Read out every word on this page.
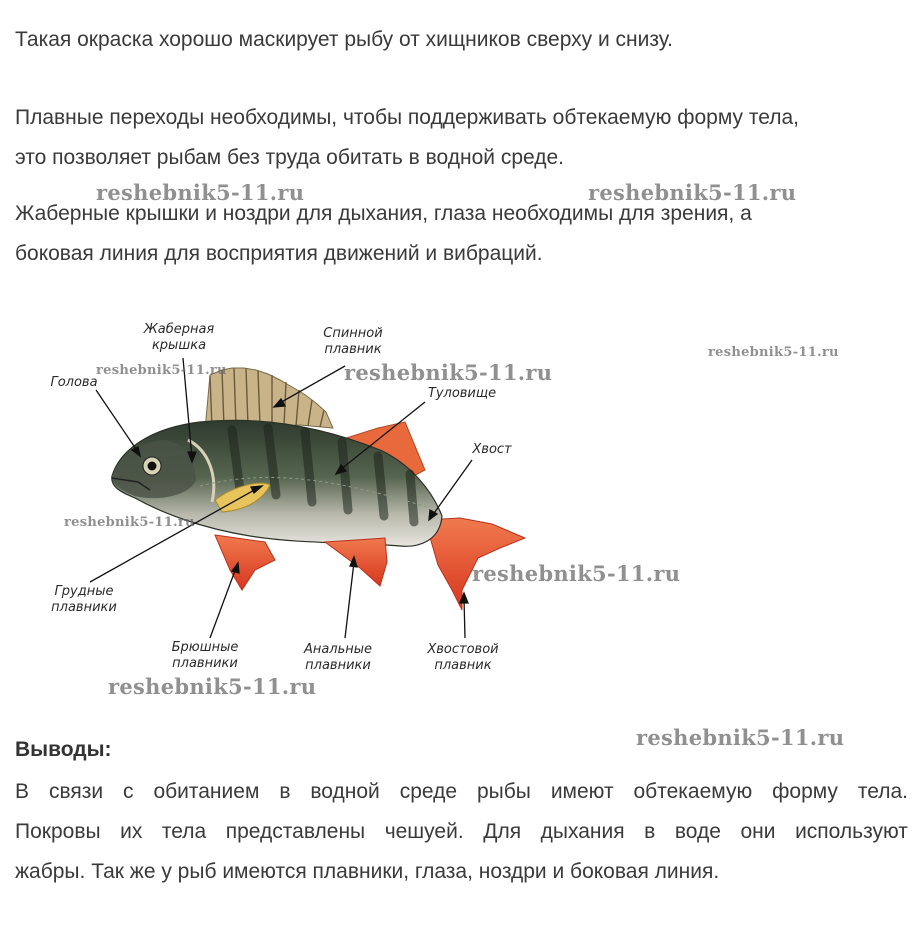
Такая окраска хорошо маскирует рыбу от хищников сверху и снизу.

Плавные переходы необходимы, чтобы поддерживать обтекаемую форму тела,
это позволяет рыбам без труда обитать в водной среде.

Жаберные крышки и ноздри для дыхания, глаза необходимы для зрения, а
боковая линия для восприятия движений и вибраций.

Жаберная
крышка
Спинной
плавник
Голова
Туловище
Хвост
Грудные
плавники
Брюшные
плавники
Анальные
плавники
Хвостовой
плавник
reshebnik5-11.ru	reshebnik5-11.ru
reshebnik5-11.ru
reshebnik5-11.ru	reshebnik5-11.ru
reshebnik5-11.ru
reshebnik5-11.ru
reshebnik5-11.ru
reshebnik5-11.ru
Выводы:

В связи с обитанием в водной среде рыбы имеют обтекаемую форму тела.
Покровы их тела представлены чешуей. Для дыхания в воде они используют
жабры. Так же у рыб имеются плавники, глаза, ноздри и боковая линия.
